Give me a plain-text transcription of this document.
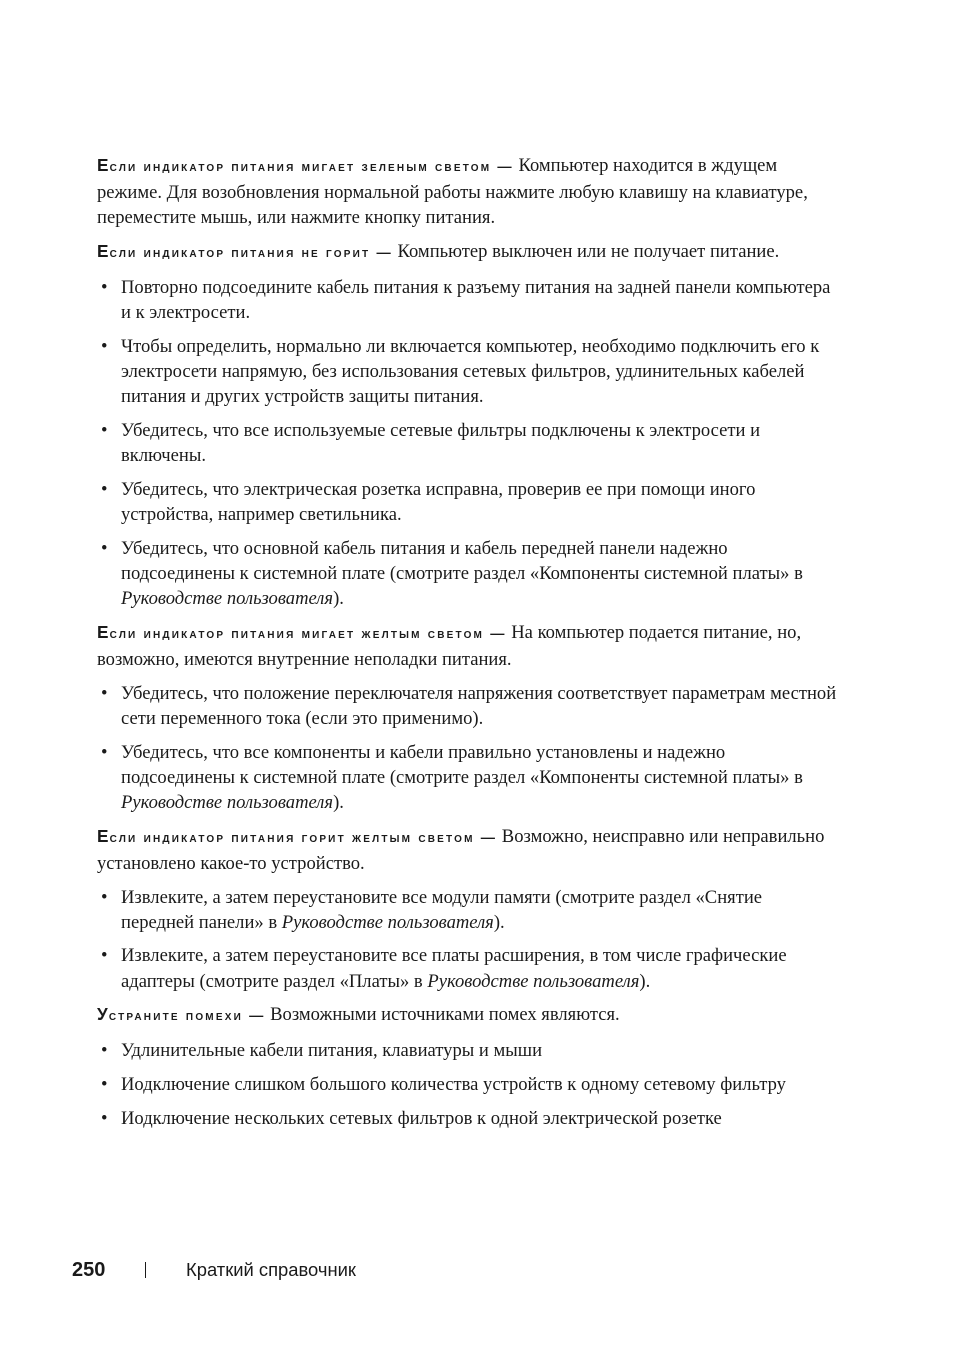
Если индикатор питания мигает зеленым светом — Компьютер находится в ждущем режиме. Для возобновления нормальной работы нажмите любую клавишу на клавиатуре, переместите мышь, или нажмите кнопку питания.

Если индикатор питания не горит — Компьютер выключен или не получает питание.

• Повторно подсоедините кабель питания к разъему питания на задней панели компьютера и к электросети.
• Чтобы определить, нормально ли включается компьютер, необходимо подключить его к электросети напрямую, без использования сетевых фильтров, удлинительных кабелей питания и других устройств защиты питания.
• Убедитесь, что все используемые сетевые фильтры подключены к электросети и включены.
• Убедитесь, что электрическая розетка исправна, проверив ее при помощи иного устройства, например светильника.
• Убедитесь, что основной кабель питания и кабель передней панели надежно подсоединены к системной плате (смотрите раздел «Компоненты системной платы» в Руководстве пользователя).

Если индикатор питания мигает желтым светом — На компьютер подается питание, но, возможно, имеются внутренние неполадки питания.

• Убедитесь, что положение переключателя напряжения соответствует параметрам местной сети переменного тока (если это применимо).
• Убедитесь, что все компоненты и кабели правильно установлены и надежно подсоединены к системной плате (смотрите раздел «Компоненты системной платы» в Руководстве пользователя).

Если индикатор питания горит желтым светом — Возможно, неисправно или неправильно установлено какое-то устройство.

• Извлеките, а затем переустановите все модули памяти (смотрите раздел «Снятие передней панели» в Руководстве пользователя).
• Извлеките, а затем переустановите все платы расширения, в том числе графические адаптеры (смотрите раздел «Платы» в Руководстве пользователя).

Устраните помехи — Возможными источниками помех являются.

• Удлинительные кабели питания, клавиатуры и мыши
• Иодключение слишком большого количества устройств к одному сетевому фильтру
• Иодключение нескольких сетевых фильтров к одной электрической розетке
250	Краткий справочник
